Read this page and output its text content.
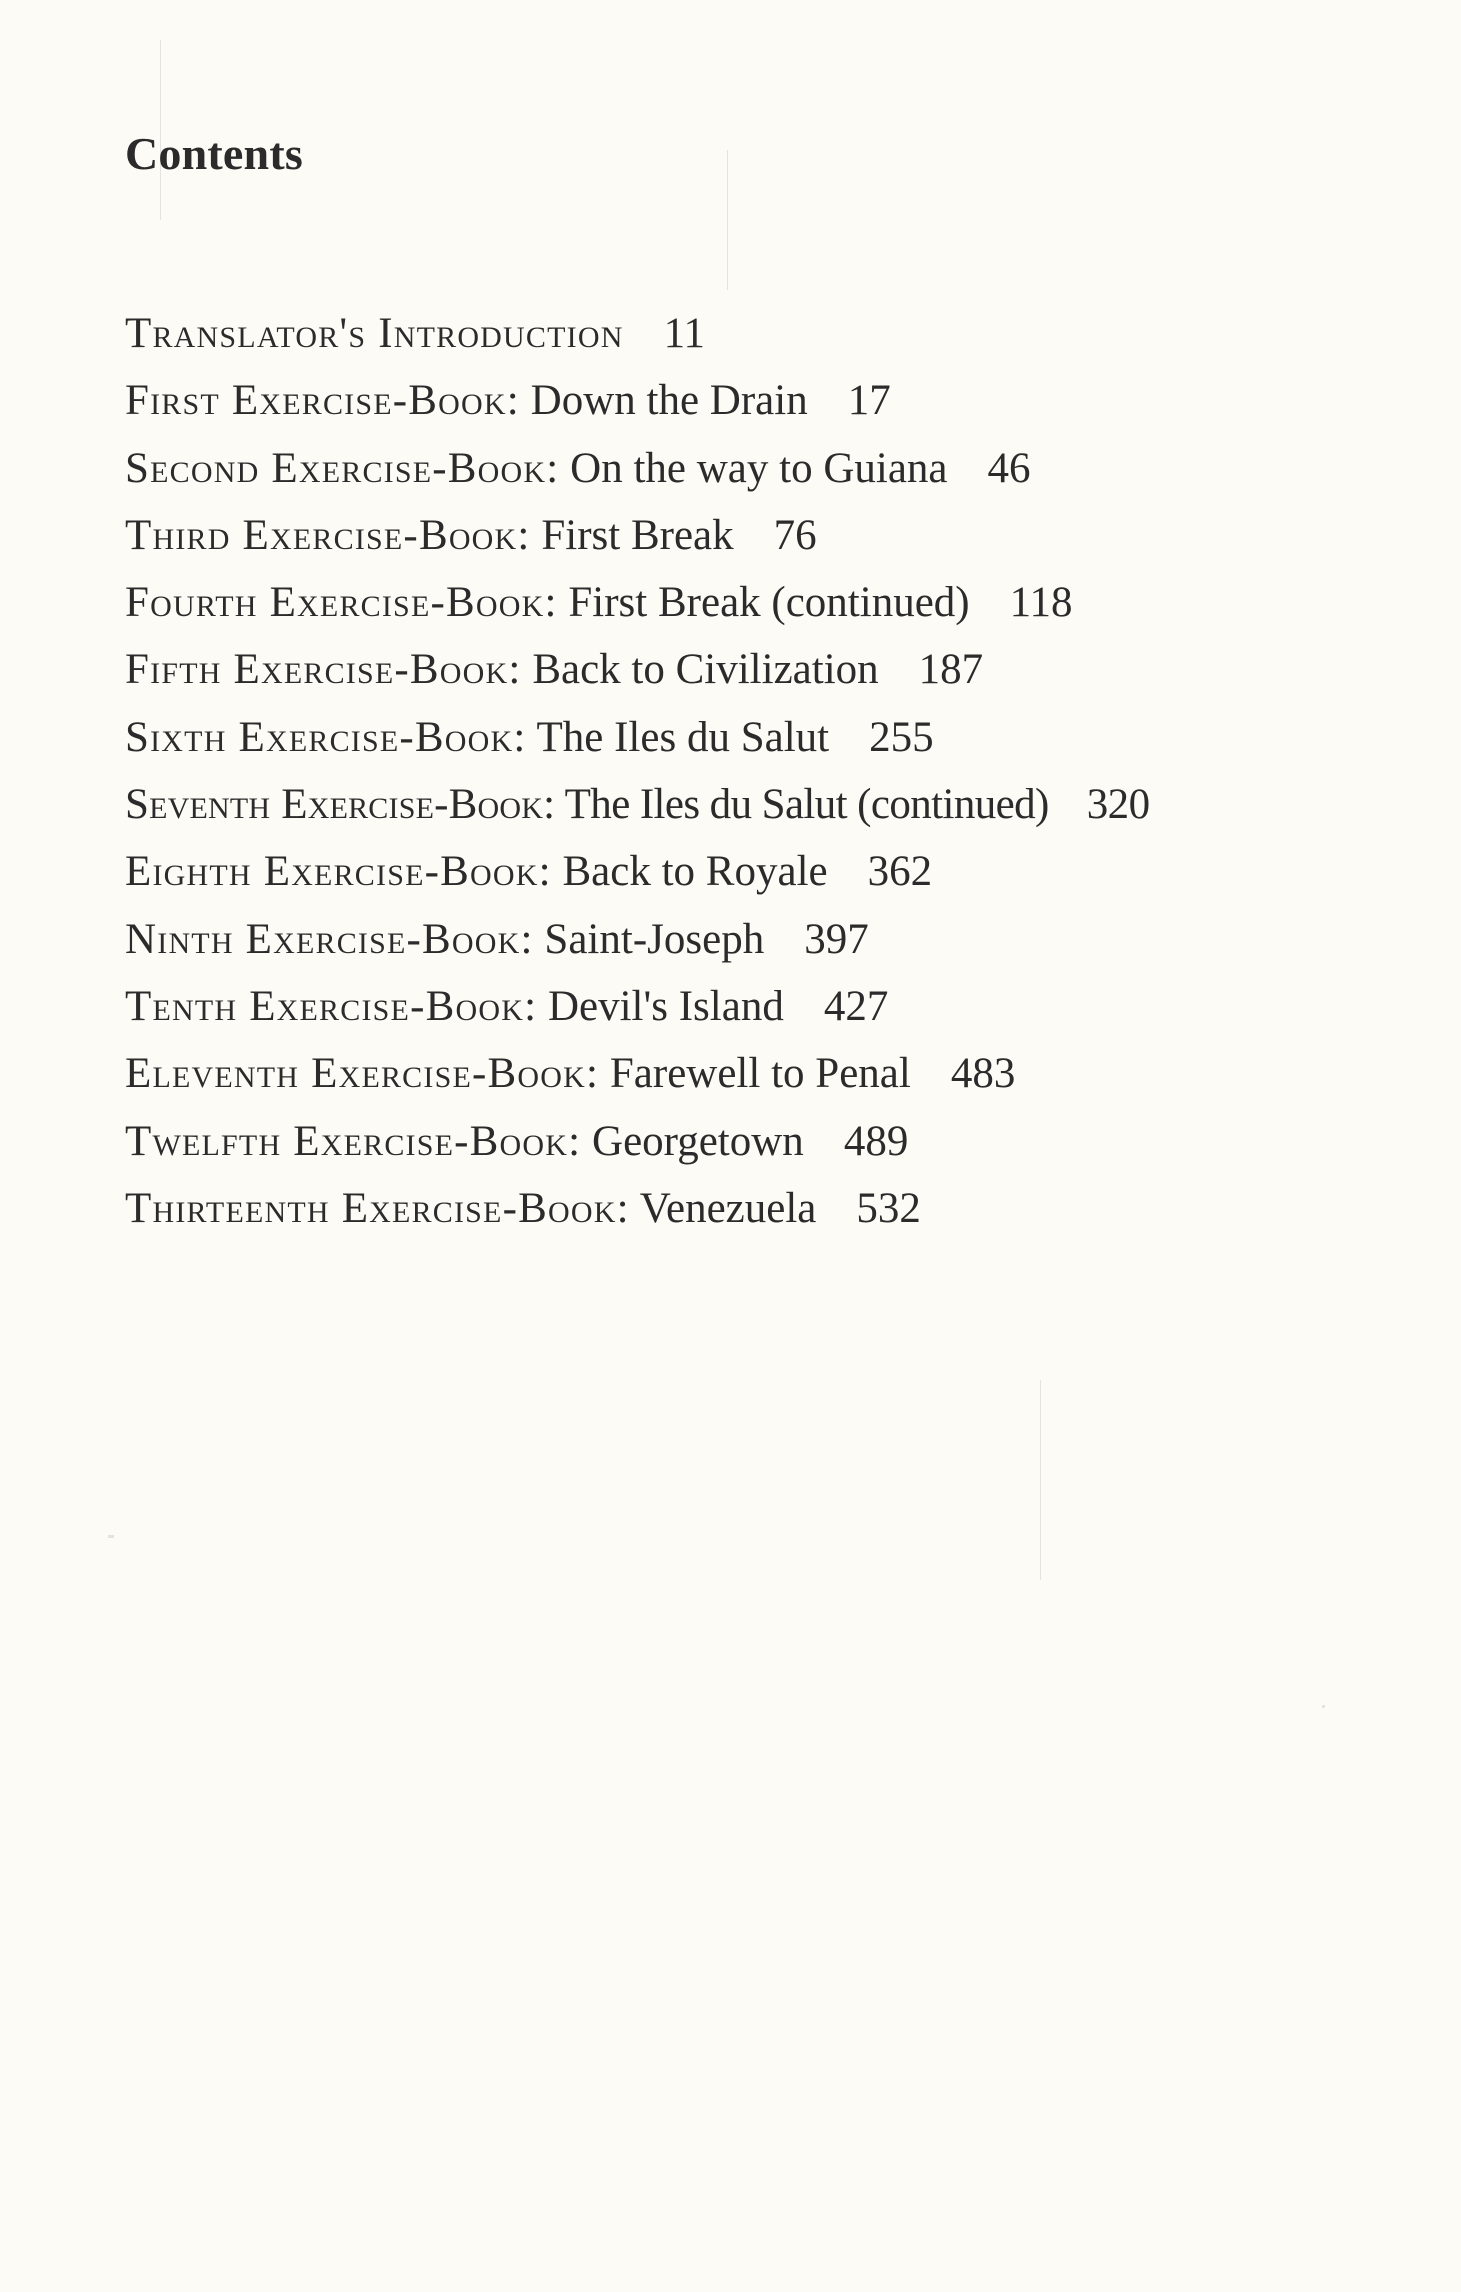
Contents
Translator's Introduction 11
First Exercise-Book: Down the Drain 17
Second Exercise-Book: On the way to Guiana 46
Third Exercise-Book: First Break 76
Fourth Exercise-Book: First Break (continued) 118
Fifth Exercise-Book: Back to Civilization 187
Sixth Exercise-Book: The Iles du Salut 255
Seventh Exercise-Book: The Iles du Salut (continued) 320
Eighth Exercise-Book: Back to Royale 362
Ninth Exercise-Book: Saint-Joseph 397
Tenth Exercise-Book: Devil's Island 427
Eleventh Exercise-Book: Farewell to Penal 483
Twelfth Exercise-Book: Georgetown 489
Thirteenth Exercise-Book: Venezuela 532
